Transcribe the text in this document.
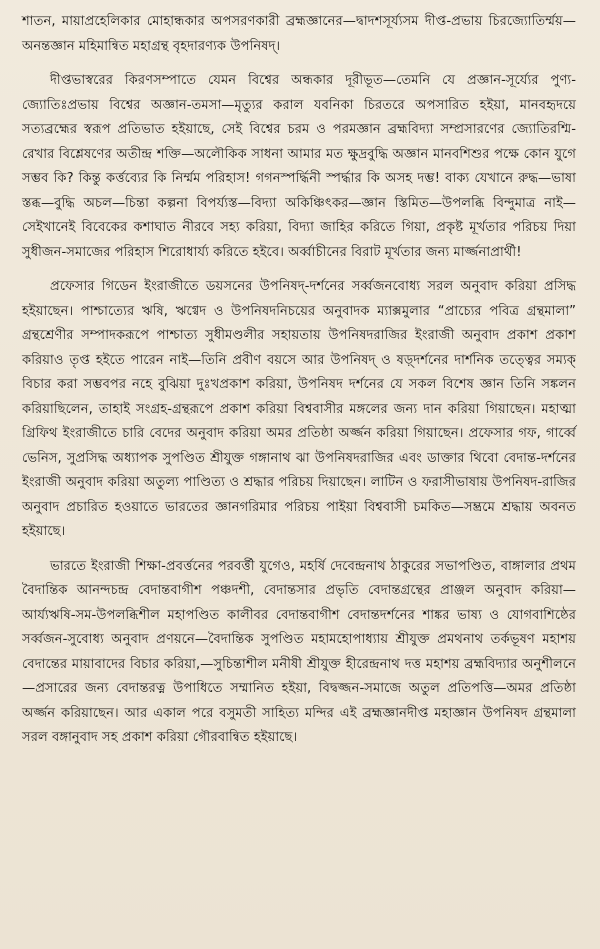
শাতন, মায়াপ্রহেলিকার মোহান্ধকার অপসরণকারী ব্রহ্মজ্ঞানের—দ্বাদশসূর্য্যসম দীপ্ত-প্রভায় চিরজ্যোতির্ম্ময়—অনন্তজ্ঞান মহিমান্বিত মহাগ্রন্থ বৃহদারণ্যক উপনিষদ্।

দীপ্তভাস্বরের কিরণসম্পাতে যেমন বিশ্বের অন্ধকার দূরীভূত—তেমনি যে প্রজ্ঞান-সূর্য্যের পুণ্য-জ্যোতিঃপ্রভায় বিশ্বের অজ্ঞান-তমসা—মৃত্যুর করাল যবনিকা চিরতরে অপসারিত হইয়া, মানবহৃদয়ে সত্যব্রহ্মের স্বরূপ প্রতিভাত হইয়াছে, সেই বিশ্বের চরম ও পরমজ্ঞান ব্রহ্মবিদ্যা সম্প্রসারণের জ্যোতিরশ্মি-রেখার বিশ্লেষণের অতীন্দ্র শক্তি—অলৌকিক সাধনা আমার মত ক্ষুদ্রবুদ্ধি অজ্ঞান মানবশিশুর পক্ষে কোন যুগে সম্ভব কি? কিন্তু কর্ত্তব্যের কি নির্ম্মম পরিহাস! গগনস্পর্দ্ধিনী স্পর্দ্ধার কি অসহ দম্ভ! বাক্য যেখানে রুদ্ধ—ভাষা স্তব্ধ—বুদ্ধি অচল—চিন্তা কল্পনা বিপর্য্যস্ত—বিদ্যা অকিঞ্চিৎকর—জ্ঞান স্তিমিত—উপলব্ধি বিন্দুমাত্র নাই—সেইখানেই বিবেকের কশাঘাত নীরবে সহ্য করিয়া, বিদ্যা জাহির করিতে গিয়া, প্রকৃষ্ট মূর্খতার পরিচয় দিয়া সুধীজন-সমাজের পরিহাস শিরোধার্য্য করিতে হইবে। অর্ব্বাচীনের বিরাট মূর্খতার জন্য মার্জ্জনাপ্রার্থী!

প্রফেসার গিডেন ইংরাজীতে ডয়সনের উপনিষদ্-দর্শনের সর্ব্বজনবোধ্য সরল অনুবাদ করিয়া প্রসিদ্ধ হইয়াছেন। পাশ্চাত্যের ঋষি, ঋগ্বেদ ও উপনিষদনিচয়ের অনুবাদক ম্যাক্সমুলার “প্রাচ্যের পবিত্র গ্রন্থমালা” গ্রন্থশ্রেণীর সম্পাদকরূপে পাশ্চাত্য সুধীমণ্ডলীর সহায়তায় উপনিষদরাজির ইংরাজী অনুবাদ প্রকাশ প্রকাশ করিয়াও তৃপ্ত হইতে পারেন নাই—তিনি প্রবীণ বয়সে আর উপনিষদ্ ও ষড়্দর্শনের দার্শনিক তত্ত্বের সম্যক্ বিচার করা সম্ভবপর নহে বুঝিয়া দুঃখপ্রকাশ করিয়া, উপনিষদ দর্শনের যে সকল বিশেষ জ্ঞান তিনি সঙ্কলন করিয়াছিলেন, তাহাই সংগ্রহ-গ্রন্থরূপে প্রকাশ করিয়া বিশ্ববাসীর মঙ্গলের জন্য দান করিয়া গিয়াছেন। মহাত্মা গ্রিফিথ ইংরাজীতে চারি বেদের অনুবাদ করিয়া অমর প্রতিষ্ঠা অর্জ্জন করিয়া গিয়াছেন। প্রফেসার গফ, গার্ব্বে ভেনিস, সুপ্রসিদ্ধ অধ্যাপক সুপণ্ডিত শ্রীযুক্ত গঙ্গানাথ ঝা উপনিষদরাজির এবং ডাক্তার থিবো বেদান্ত-দর্শনের ইংরাজী অনুবাদ করিয়া অতুল্য পাণ্ডিত্য ও শ্রদ্ধার পরিচয় দিয়াছেন। লাটিন ও ফরাসীভাষায় উপনিষদ-রাজির অনুবাদ প্রচারিত হওয়াতে ভারতের জ্ঞানগরিমার পরিচয় পাইয়া বিশ্ববাসী চমকিত—সম্ভ্রমে শ্রদ্ধায় অবনত হইয়াছে।

ভারতে ইংরাজী শিক্ষা-প্রবর্ত্তনের পরবর্ত্তী যুগেও, মহর্ষি দেবেন্দ্রনাথ ঠাকুরের সভাপণ্ডিত, বাঙ্গালার প্রথম বৈদান্তিক আনন্দচন্দ্র বেদান্তবাগীশ পঞ্চদশী, বেদান্তসার প্রভৃতি বেদান্তগ্রন্থের প্রাঞ্জল অনুবাদ করিয়া—আর্য্যঋষি-সম-উপলব্ধিশীল মহাপণ্ডিত কালীবর বেদান্তবাগীশ বেদান্তদর্শনের শাঙ্কর ভাষ্য ও যোগবাশিষ্ঠের সর্ব্বজন-সুবোধ্য অনুবাদ প্রণয়নে—বৈদান্তিক সুপণ্ডিত মহামহোপাধ্যায় শ্রীযুক্ত প্রমথনাথ তর্কভূষণ মহাশয় বেদান্তের মায়াবাদের বিচার করিয়া,—সুচিন্তাশীল মনীষী শ্রীযুক্ত হীরেন্দ্রনাথ দত্ত মহাশয় ব্রহ্মবিদ্যার অনুশীলনে—প্রসারের জন্য বেদান্তরত্ন উপাধিতে সম্মানিত হইয়া, বিদ্বজ্জন-সমাজে অতুল প্রতিপত্তি—অমর প্রতিষ্ঠা অর্জ্জন করিয়াছেন। আর একাল পরে বসুমতী সাহিত্য মন্দির এই ব্রহ্মজ্ঞানদীপ্ত মহাজ্ঞান উপনিষদ গ্রন্থমালা সরল বঙ্গানুবাদ সহ প্রকাশ করিয়া গৌরবান্বিত হইয়াছে।
